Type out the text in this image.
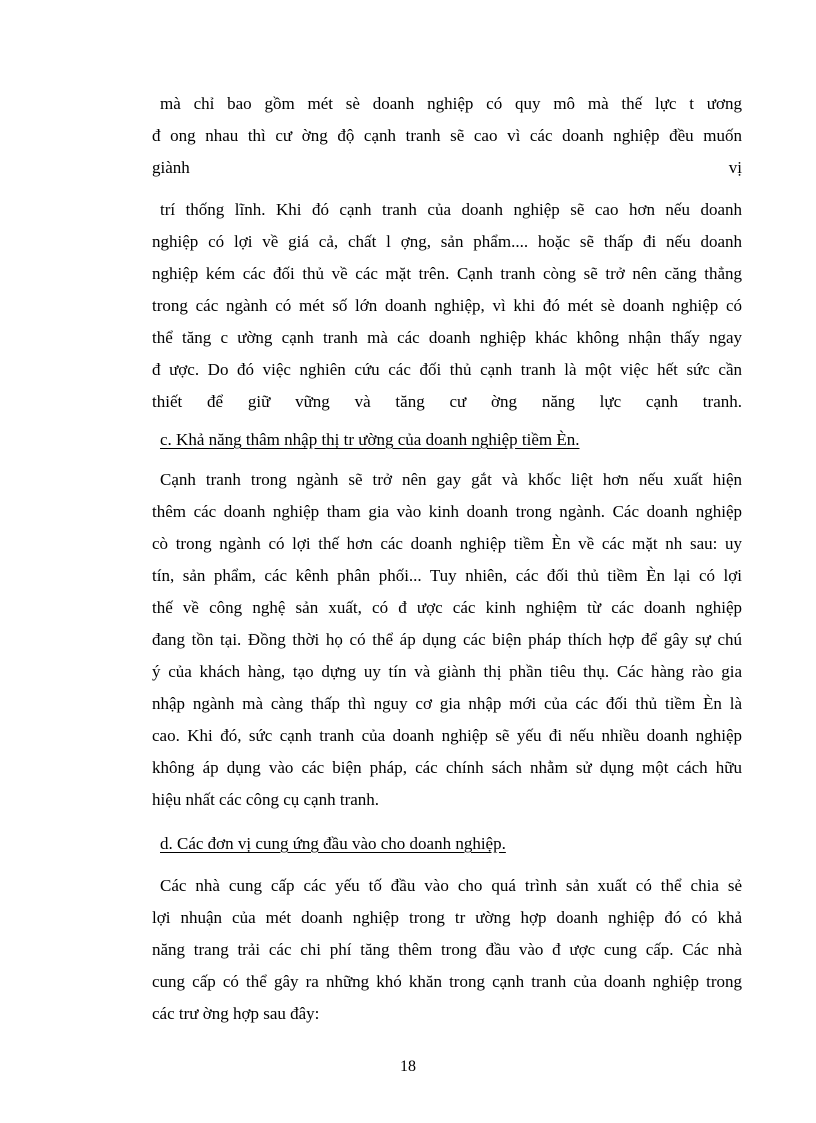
mà chỉ bao gồm mét sè doanh nghiệp có quy mô mà thế lực t ương
đ ong nhau thì cư ờng độ cạnh tranh sẽ cao vì các doanh nghiệp đều muốn
giành	vị
trí thống lĩnh. Khi đó cạnh tranh của doanh nghiệp sẽ cao hơn nếu doanh
nghiệp có lợi về giá cả, chất l ợng, sản phẩm.... hoặc sẽ thấp đi nếu doanh
nghiệp kém các đối thủ về các mặt trên. Cạnh tranh còng sẽ trở nên căng thẳng
trong các ngành có mét số lớn doanh nghiệp, vì khi đó mét sè doanh nghiệp có
thể tăng c ường cạnh tranh mà các doanh nghiệp khác không nhận thấy ngay
đ ược. Do đó việc nghiên cứu các đối thủ cạnh tranh là một việc hết sức cần
thiết để giữ vững và tăng cư ờng năng lực cạnh tranh.
c. Khả năng thâm nhập thị tr ường của doanh nghiệp tiềm Èn.
Cạnh tranh trong ngành sẽ trở nên gay gắt và khốc liệt hơn nếu xuất hiện
thêm các doanh nghiệp tham gia vào kinh doanh trong ngành. Các doanh nghiệp
cò trong ngành có lợi thế hơn các doanh nghiệp tiềm Èn về các mặt nh sau: uy
tín, sản phẩm, các kênh phân phối... Tuy nhiên, các đối thủ tiềm Èn lại có lợi
thế về công nghệ sản xuất, có đ ược các kinh nghiệm từ các doanh nghiệp
đang tồn tại. Đồng thời họ có thể áp dụng các biện pháp thích hợp để gây sự chú
ý của khách hàng, tạo dựng uy tín và giành thị phần tiêu thụ. Các hàng rào gia
nhập ngành mà càng thấp thì nguy cơ gia nhập mới của các đối thủ tiềm Èn là
cao. Khi đó, sức cạnh tranh của doanh nghiệp sẽ yếu đi nếu nhiều doanh nghiệp
không áp dụng vào các biện pháp, các chính sách nhằm sử dụng một cách hữu
hiệu nhất các công cụ cạnh tranh.
d. Các đơn vị cung ứng đầu vào cho doanh nghiệp.
Các nhà cung cấp các yếu tố đầu vào cho quá trình sản xuất có thể chia sẻ
lợi nhuận của mét doanh nghiệp trong tr ường hợp doanh nghiệp đó có khả
năng trang trải các chi phí tăng thêm trong đầu vào đ ược cung cấp. Các nhà
cung cấp có thể gây ra những khó khăn trong cạnh tranh của doanh nghiệp trong
các trư ờng hợp sau đây:
18
